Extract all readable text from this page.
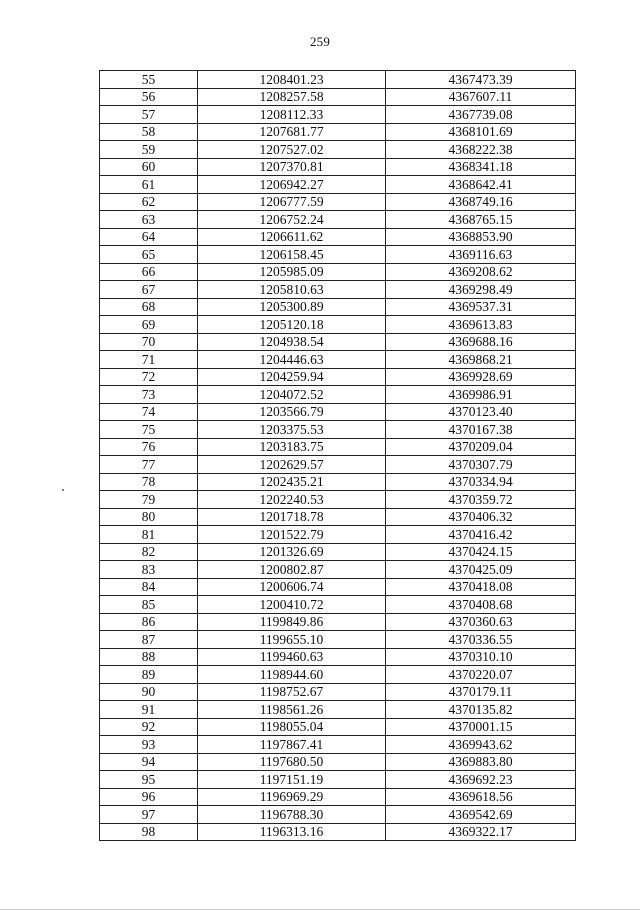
259
55	1208401.23	4367473.39
56	1208257.58	4367607.11
57	1208112.33	4367739.08
58	1207681.77	4368101.69
59	1207527.02	4368222.38
60	1207370.81	4368341.18
61	1206942.27	4368642.41
62	1206777.59	4368749.16
63	1206752.24	4368765.15
64	1206611.62	4368853.90
65	1206158.45	4369116.63
66	1205985.09	4369208.62
67	1205810.63	4369298.49
68	1205300.89	4369537.31
69	1205120.18	4369613.83
70	1204938.54	4369688.16
71	1204446.63	4369868.21
72	1204259.94	4369928.69
73	1204072.52	4369986.91
74	1203566.79	4370123.40
75	1203375.53	4370167.38
76	1203183.75	4370209.04
77	1202629.57	4370307.79
78	1202435.21	4370334.94
79	1202240.53	4370359.72
80	1201718.78	4370406.32
81	1201522.79	4370416.42
82	1201326.69	4370424.15
83	1200802.87	4370425.09
84	1200606.74	4370418.08
85	1200410.72	4370408.68
86	1199849.86	4370360.63
87	1199655.10	4370336.55
88	1199460.63	4370310.10
89	1198944.60	4370220.07
90	1198752.67	4370179.11
91	1198561.26	4370135.82
92	1198055.04	4370001.15
93	1197867.41	4369943.62
94	1197680.50	4369883.80
95	1197151.19	4369692.23
96	1196969.29	4369618.56
97	1196788.30	4369542.69
98	1196313.16	4369322.17
